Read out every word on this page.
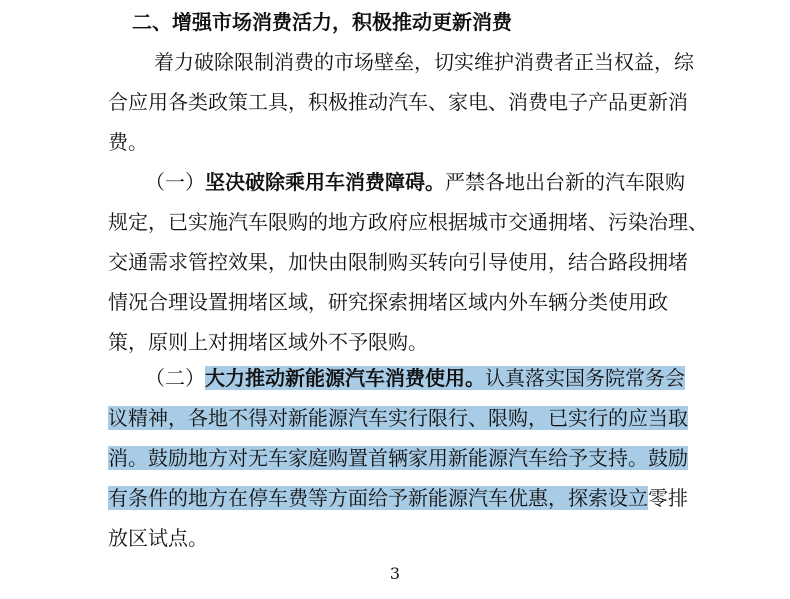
二、增强市场消费活力，积极推动更新消费
着力破除限制消费的市场壁垒，切实维护消费者正当权益，综
合应用各类政策工具，积极推动汽车、家电、消费电子产品更新消
费。
（一）坚决破除乘用车消费障碍。严禁各地出台新的汽车限购
规定，已实施汽车限购的地方政府应根据城市交通拥堵、污染治理、
交通需求管控效果，加快由限制购买转向引导使用，结合路段拥堵
情况合理设置拥堵区域，研究探索拥堵区域内外车辆分类使用政
策，原则上对拥堵区域外不予限购。
（二）大力推动新能源汽车消费使用。认真落实国务院常务会
议精神，各地不得对新能源汽车实行限行、限购，已实行的应当取
消。鼓励地方对无车家庭购置首辆家用新能源汽车给予支持。鼓励
有条件的地方在停车费等方面给予新能源汽车优惠，探索设立零排
放区试点。
3
